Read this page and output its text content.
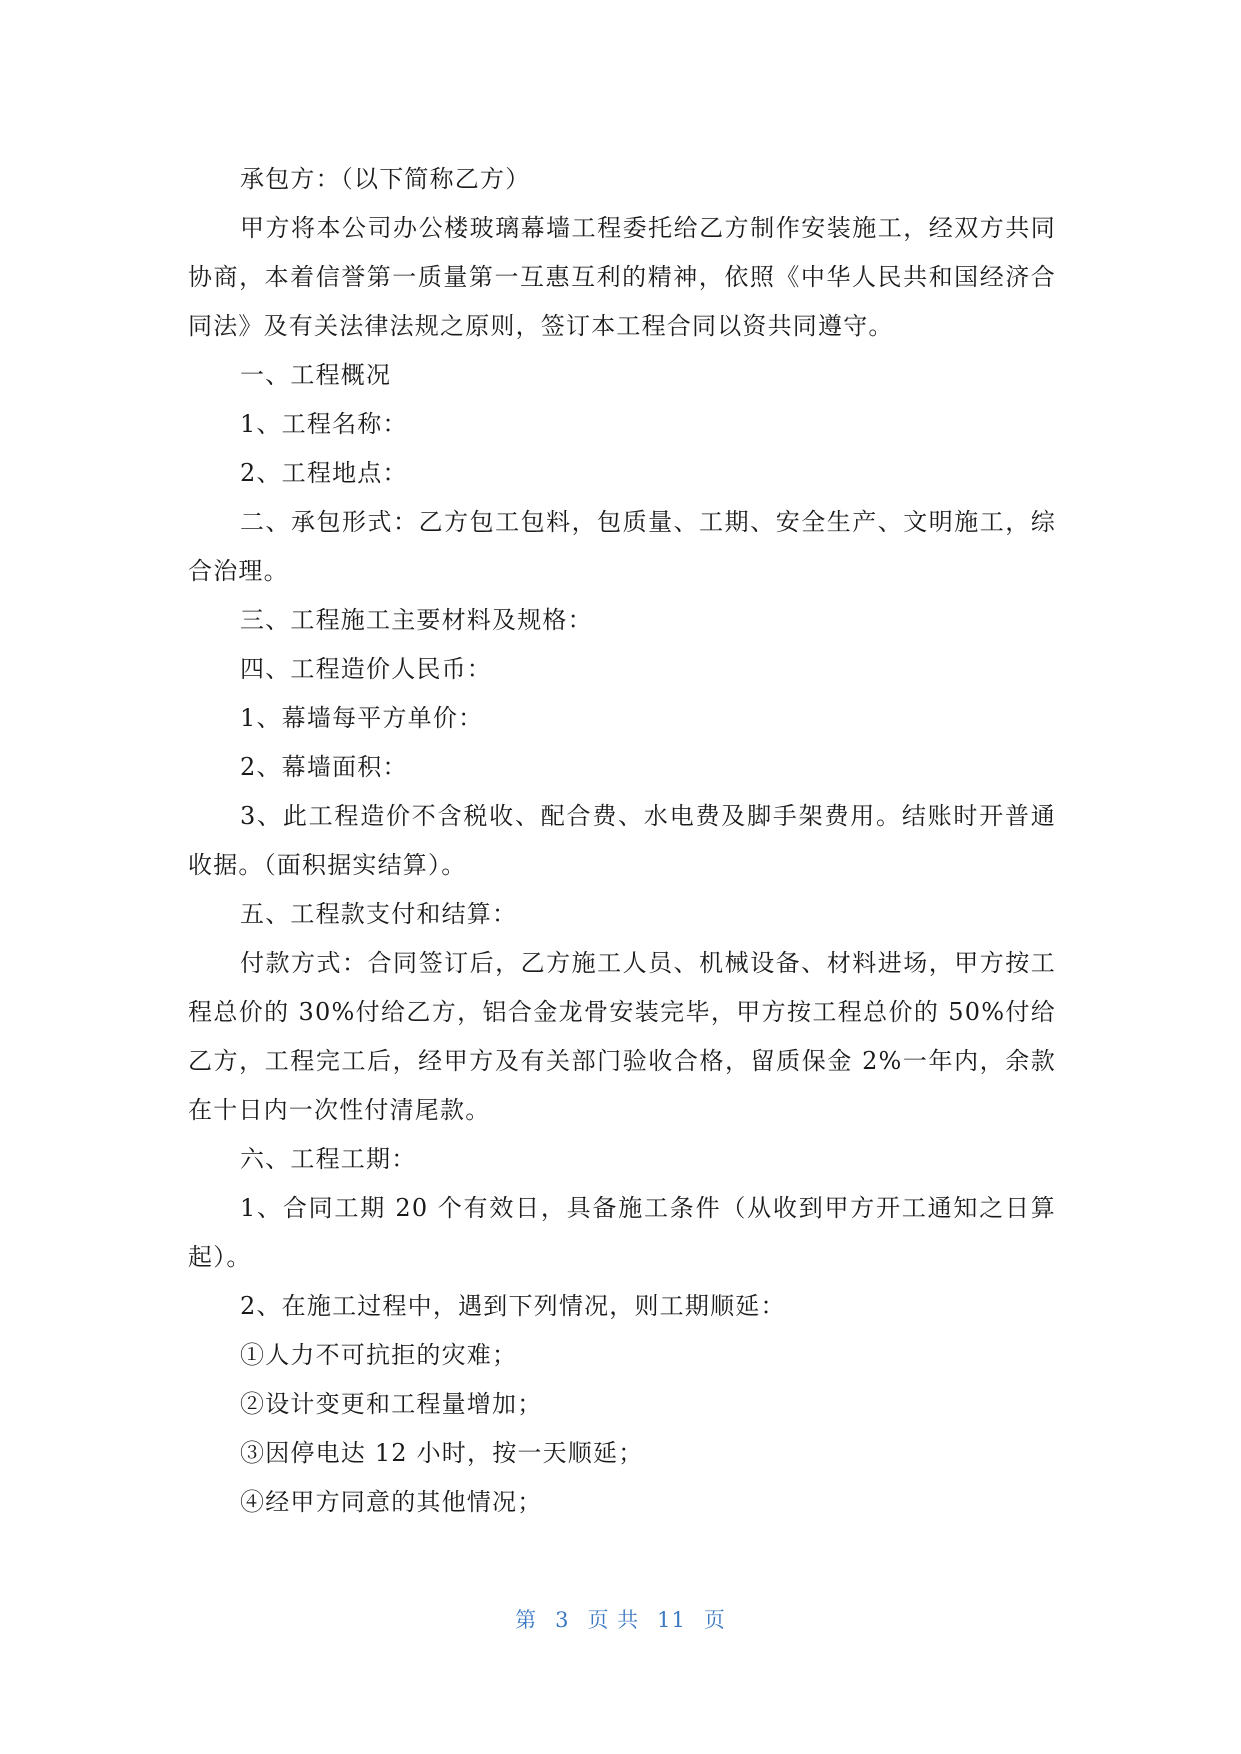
承包方：（以下简称乙方）

甲方将本公司办公楼玻璃幕墙工程委托给乙方制作安装施工，经双方共同协商，本着信誉第一质量第一互惠互利的精神，依照《中华人民共和国经济合同法》及有关法律法规之原则，签订本工程合同以资共同遵守。

一、工程概况

1、工程名称：

2、工程地点：

二、承包形式：乙方包工包料，包质量、工期、安全生产、文明施工，综合治理。

三、工程施工主要材料及规格：

四、工程造价人民币：

1、幕墙每平方单价：

2、幕墙面积：

3、此工程造价不含税收、配合费、水电费及脚手架费用。结账时开普通收据。（面积据实结算）。

五、工程款支付和结算：

付款方式：合同签订后，乙方施工人员、机械设备、材料进场，甲方按工程总价的 30%付给乙方，铝合金龙骨安装完毕，甲方按工程总价的 50%付给乙方，工程完工后，经甲方及有关部门验收合格，留质保金 2%一年内，余款在十日内一次性付清尾款。

六、工程工期：

1、合同工期 20 个有效日，具备施工条件（从收到甲方开工通知之日算起）。

2、在施工过程中，遇到下列情况，则工期顺延：

①人力不可抗拒的灾难；

②设计变更和工程量增加；

③因停电达 12 小时，按一天顺延；

④经甲方同意的其他情况；

第 3 页 共 11 页
